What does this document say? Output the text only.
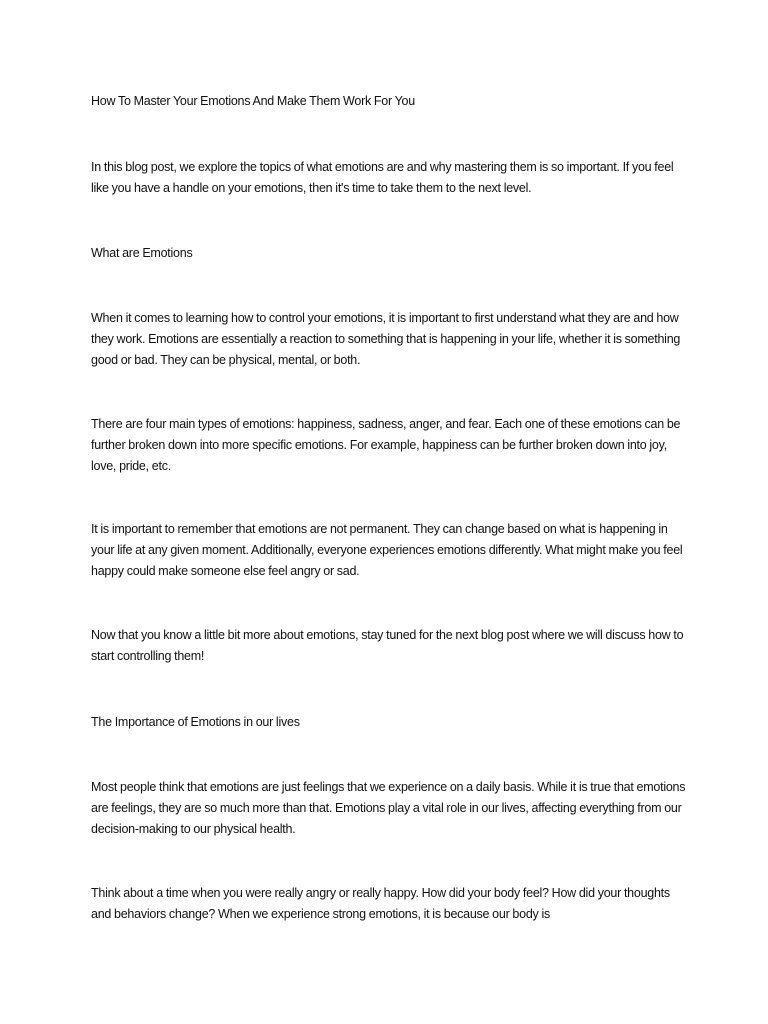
How To Master Your Emotions And Make Them Work For You

In this blog post, we explore the topics of what emotions are and why mastering them is so important. If you feel like you have a handle on your emotions, then it's time to take them to the next level.

What are Emotions

When it comes to learning how to control your emotions, it is important to first understand what they are and how they work. Emotions are essentially a reaction to something that is happening in your life, whether it is something good or bad. They can be physical, mental, or both.

There are four main types of emotions: happiness, sadness, anger, and fear. Each one of these emotions can be further broken down into more specific emotions. For example, happiness can be further broken down into joy, love, pride, etc.

It is important to remember that emotions are not permanent. They can change based on what is happening in your life at any given moment. Additionally, everyone experiences emotions differently. What might make you feel happy could make someone else feel angry or sad.

Now that you know a little bit more about emotions, stay tuned for the next blog post where we will discuss how to start controlling them!

The Importance of Emotions in our lives

Most people think that emotions are just feelings that we experience on a daily basis. While it is true that emotions are feelings, they are so much more than that. Emotions play a vital role in our lives, affecting everything from our decision-making to our physical health.

Think about a time when you were really angry or really happy. How did your body feel? How did your thoughts and behaviors change? When we experience strong emotions, it is because our body is
